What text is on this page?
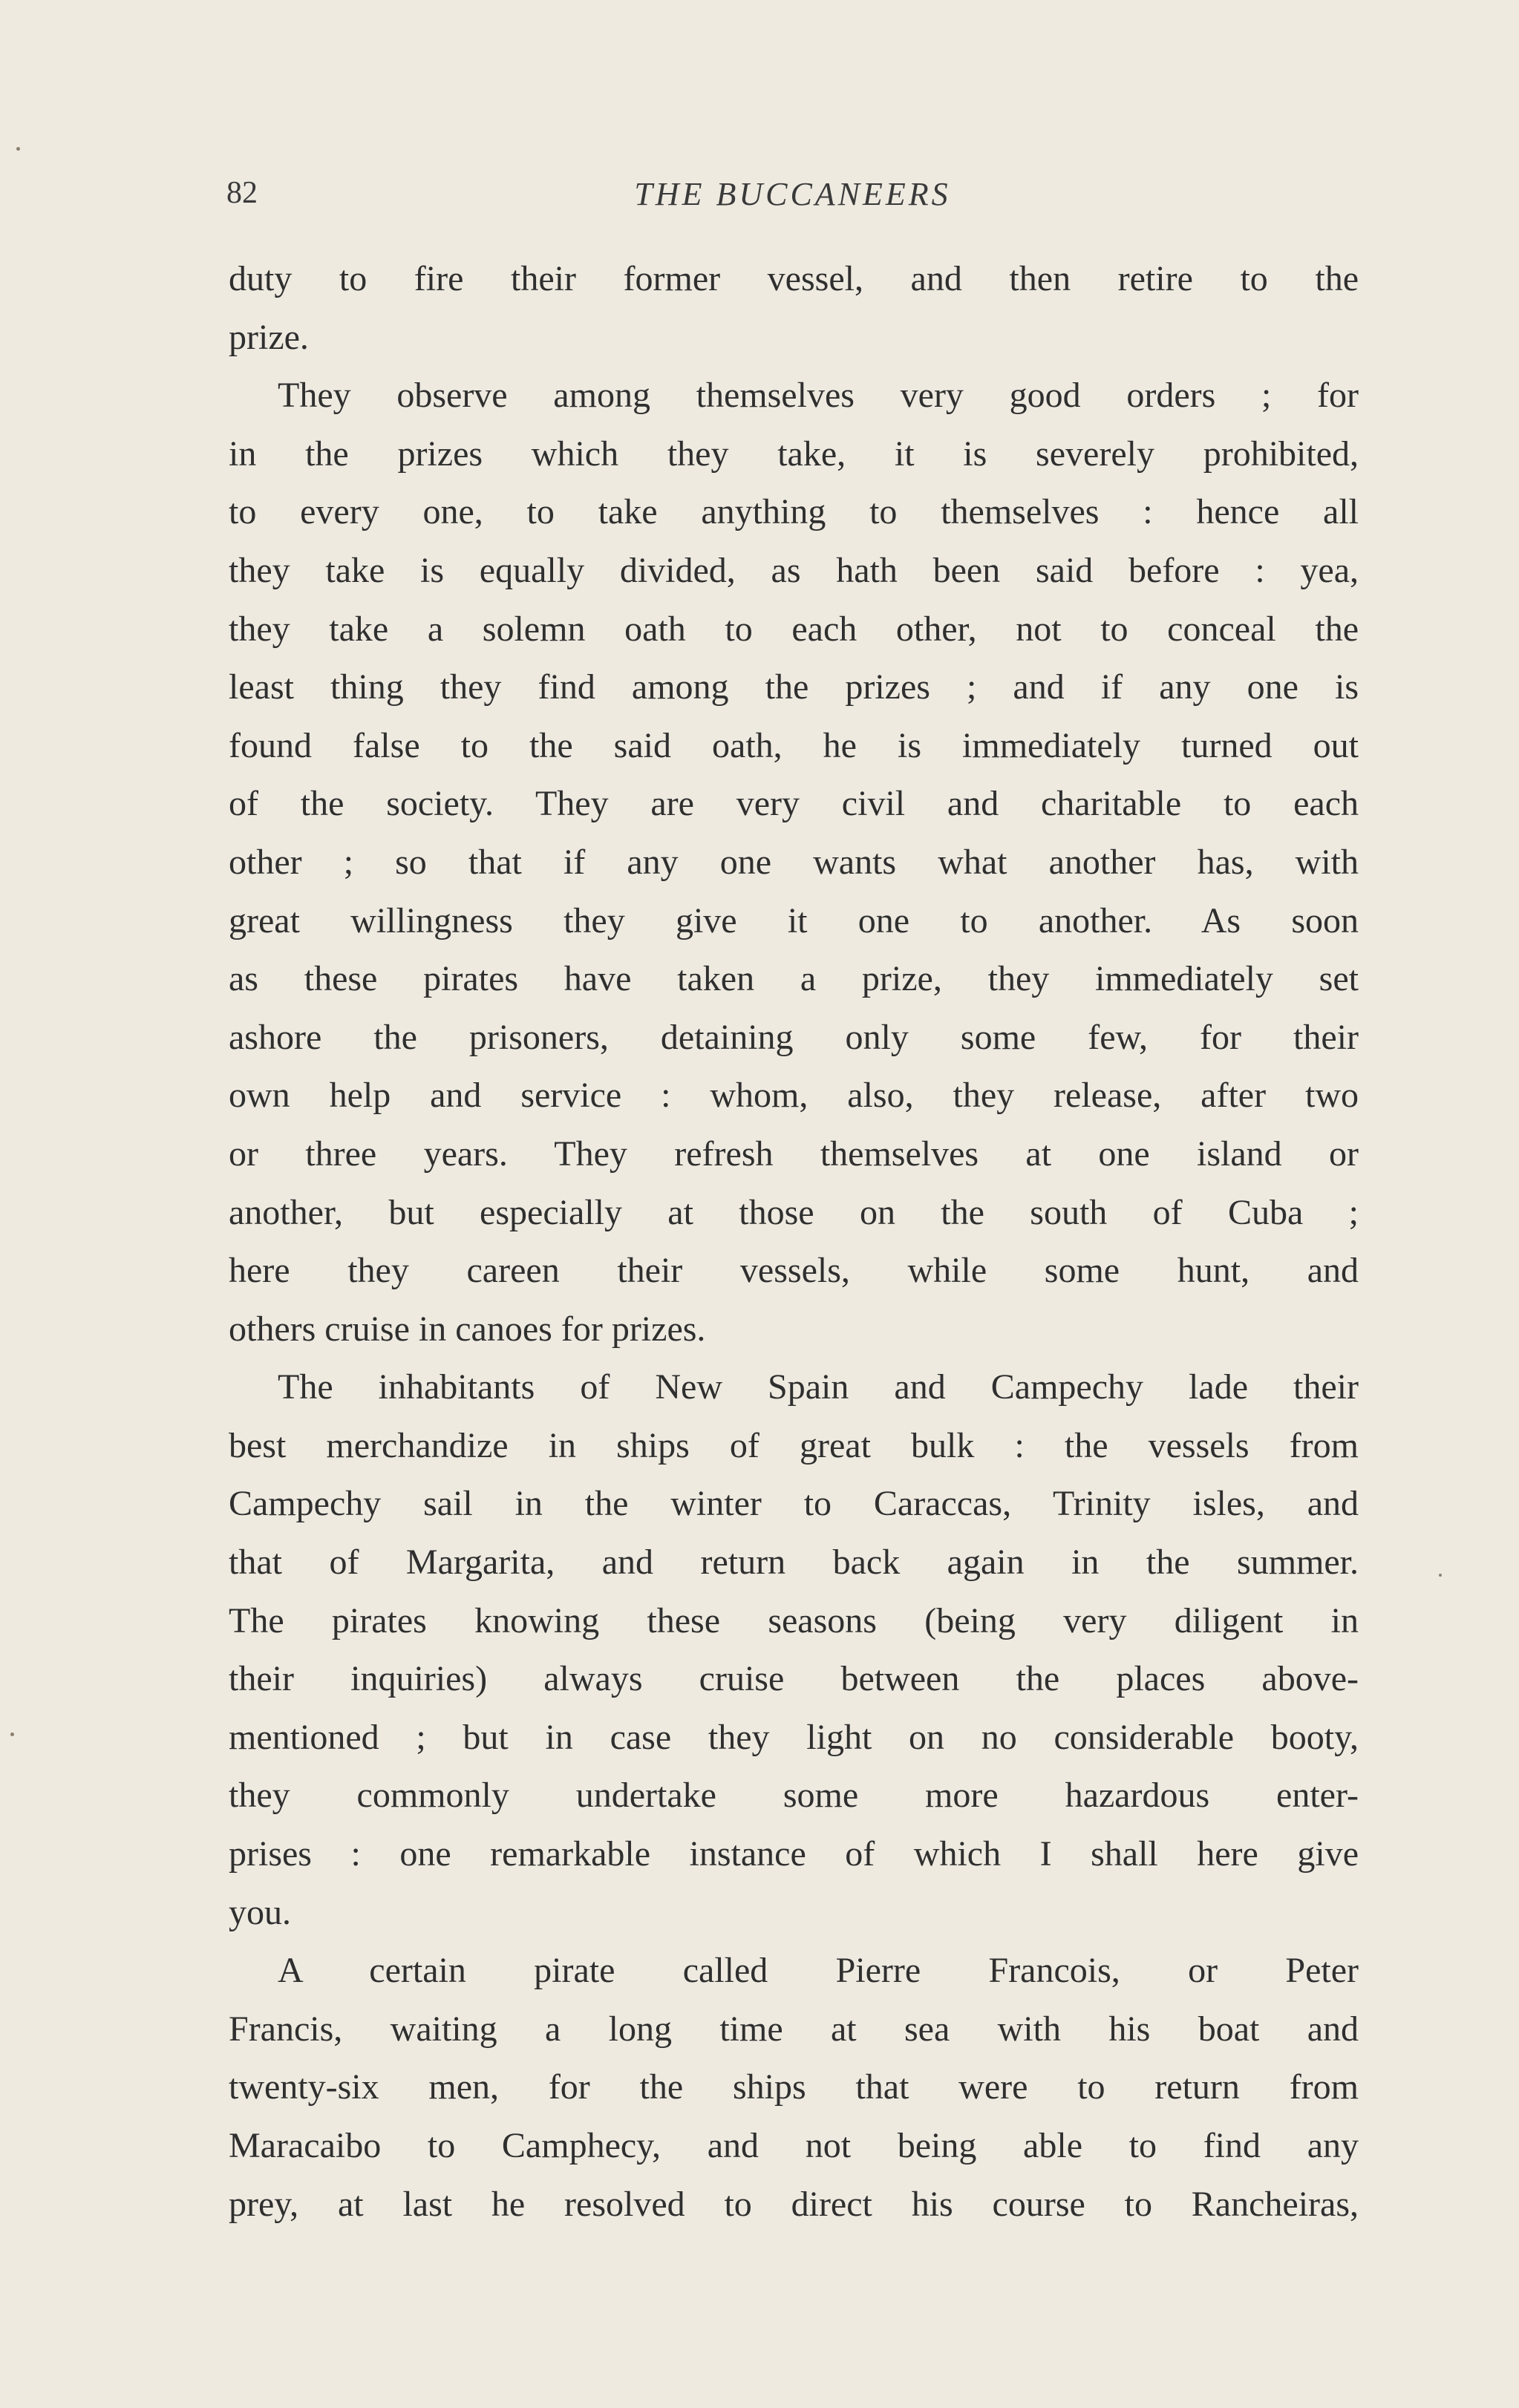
82	THE BUCCANEERS
duty to fire their former vessel, and then retire to the
prize.
They observe among themselves very good orders ; for
in the prizes which they take, it is severely prohibited,
to every one, to take anything to themselves : hence all
they take is equally divided, as hath been said before : yea,
they take a solemn oath to each other, not to conceal the
least thing they find among the prizes ; and if any one is
found false to the said oath, he is immediately turned out
of the society. They are very civil and charitable to each
other ; so that if any one wants what another has, with
great willingness they give it one to another. As soon
as these pirates have taken a prize, they immediately set
ashore the prisoners, detaining only some few, for their
own help and service : whom, also, they release, after two
or three years. They refresh themselves at one island or
another, but especially at those on the south of Cuba ;
here they careen their vessels, while some hunt, and
others cruise in canoes for prizes.
The inhabitants of New Spain and Campechy lade their
best merchandize in ships of great bulk : the vessels from
Campechy sail in the winter to Caraccas, Trinity isles, and
that of Margarita, and return back again in the summer.
The pirates knowing these seasons (being very diligent in
their inquiries) always cruise between the places above-
mentioned ; but in case they light on no considerable booty,
they commonly undertake some more hazardous enter-
prises : one remarkable instance of which I shall here give
you.
A certain pirate called Pierre Francois, or Peter
Francis, waiting a long time at sea with his boat and
twenty-six men, for the ships that were to return from
Maracaibo to Camphecy, and not being able to find any
prey, at last he resolved to direct his course to Rancheiras,
